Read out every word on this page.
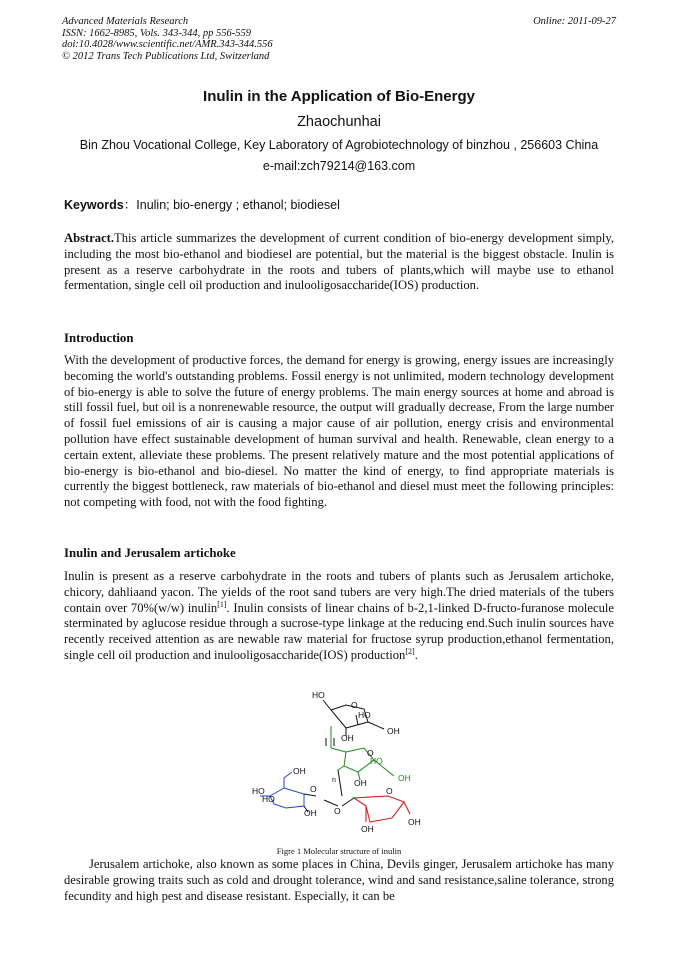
Advanced Materials Research
ISSN: 1662-8985, Vols. 343-344, pp 556-559
doi:10.4028/www.scientific.net/AMR.343-344.556
© 2012 Trans Tech Publications Ltd, Switzerland
Online: 2011-09-27
Inulin in the Application of Bio-Energy
Zhaochunhai
Bin Zhou Vocational College, Key Laboratory of Agrobiotechnology of binzhou , 256603 China
e-mail:zch79214@163.com
Keywords：Inulin; bio-energy ; ethanol; biodiesel
Abstract.This article summarizes the development of current condition of bio-energy development simply, including the most bio-ethanol and biodiesel are potential, but the material is the biggest obstacle. Inulin is present as a reserve carbohydrate in the roots and tubers of plants,which will maybe use to ethanol fermentation, single cell oil production and inulooligosaccharide(IOS) production.
Introduction
With the development of productive forces, the demand for energy is growing, energy issues are increasingly becoming the world's outstanding problems. Fossil energy is not unlimited, modern technology development of bio-energy is able to solve the future of energy problems. The main energy sources at home and abroad is still fossil fuel, but oil is a nonrenewable resource, the output will gradually decrease, From the large number of fossil fuel emissions of air is causing a major cause of air pollution, energy crisis and environmental pollution have effect sustainable development of human survival and health. Renewable, clean energy to a certain extent, alleviate these problems. The present relatively mature and the most potential applications of bio-energy is bio-ethanol and bio-diesel. No matter the kind of energy, to find appropriate materials is currently the biggest bottleneck, raw materials of bio-ethanol and diesel must meet the following principles: not competing with food, not with the food fighting.
Inulin and Jerusalem artichoke
Inulin is present as a reserve carbohydrate in the roots and tubers of plants such as Jerusalem artichoke, chicory, dahliaand yacon. The yields of the root sand tubers are very high.The dried materials of the tubers contain over 70%(w/w) inulin[1]. Inulin consists of linear chains of b-2,1-linked D-fructo-furanose molecule sterminated by aglucose residue through a sucrose-type linkage at the reducing end.Such inulin sources have recently received attention as are newable raw material for fructose syrup production,ethanol fermentation, single cell oil production and inulooligosaccharide(IOS) production[2].
HO
O
HO
OH
OH
O
HO
OH
OH
n
OH
HO
HO
O
OH O
O
OH
OH
Figre 1 Molecular structure of inulin
Jerusalem artichoke, also known as some places in China, Devils ginger, Jerusalem artichoke has many desirable growing traits such as cold and drought tolerance, wind and sand resistance,saline tolerance, strong fecundity and high pest and disease resistant. Especially, it can be
